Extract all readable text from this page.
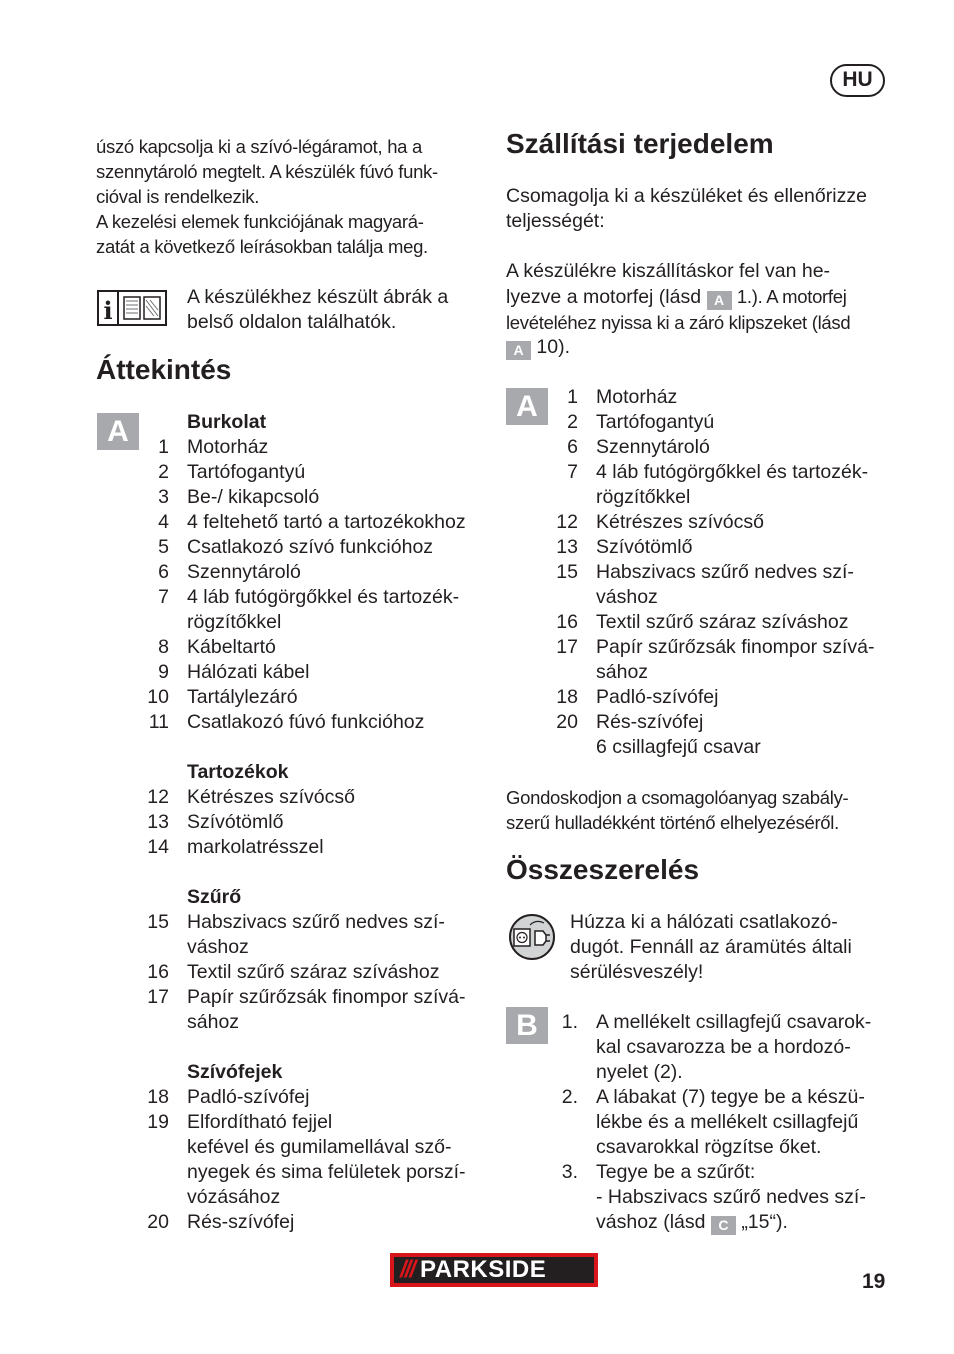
HU
úszó kapcsolja ki a szívó-légáramot, ha a
szennytároló megtelt. A készülék fúvó funk-
cióval is rendelkezik.
A kezelési elemek funkciójának magyará-
zatát a következő leírásokban találja meg.
i	A készülékhez készült ábrák a
belső oldalon találhatók.
Áttekintés
A	Burkolat
1 Motorház
2 Tartófogantyú
3 Be-/ kikapcsoló
4 4 feltehető tartó a tartozékokhoz
5 Csatlakozó szívó funkcióhoz
6 Szennytároló
7 4 láb futógörgőkkel és tartozék-
rögzítőkkel
8 Kábeltartó
9 Hálózati kábel
10 Tartálylezáró
11 Csatlakozó fúvó funkcióhoz
Tartozékok
12 Kétrészes szívócső
13 Szívótömlő
14 markolatrésszel
Szűrő
15 Habszivacs szűrő nedves szí-
váshoz
16 Textil szűrő száraz szíváshoz
17 Papír szűrőzsák finompor szívá-
sához
Szívófejek
18 Padló-szívófej
19 Elfordítható fejjel
kefével és gumilamellával sző-
nyegek és sima felületek porszí-
vózásához
20 Rés-szívófej
Szállítási terjedelem
Csomagolja ki a készüléket és ellenőrizze
teljességét:
A készülékre kiszállításkor fel van he-
lyezve a motorfej (lásd A 1.). A motorfej
levételéhez nyissa ki a záró klipszeket (lásd
A 10).
A	1 Motorház
2 Tartófogantyú
6 Szennytároló
7 4 láb futógörgőkkel és tartozék-
rögzítőkkel
12 Kétrészes szívócső
13 Szívótömlő
15 Habszivacs szűrő nedves szí-
váshoz
16 Textil szűrő száraz szíváshoz
17 Papír szűrőzsák finompor szívá-
sához
18 Padló-szívófej
20 Rés-szívófej
6 csillagfejű csavar
Gondoskodjon a csomagolóanyag szabály-
szerű hulladékként történő elhelyezéséről.
Összeszerelés
Húzza ki a hálózati csatlakozó-
dugót. Fennáll az áramütés általi
sérülésveszély!
B	1. A mellékelt csillagfejű csavarok-
kal csavarozza be a hordozó-
nyelet (2).
2. A lábakat (7) tegye be a készü-
lékbe és a mellékelt csillagfejű
csavarokkal rögzítse őket.
3. Tegye be a szűrőt:
- Habszivacs szűrő nedves szí-
váshoz (lásd C „15“).
/// PARKSIDE	19
